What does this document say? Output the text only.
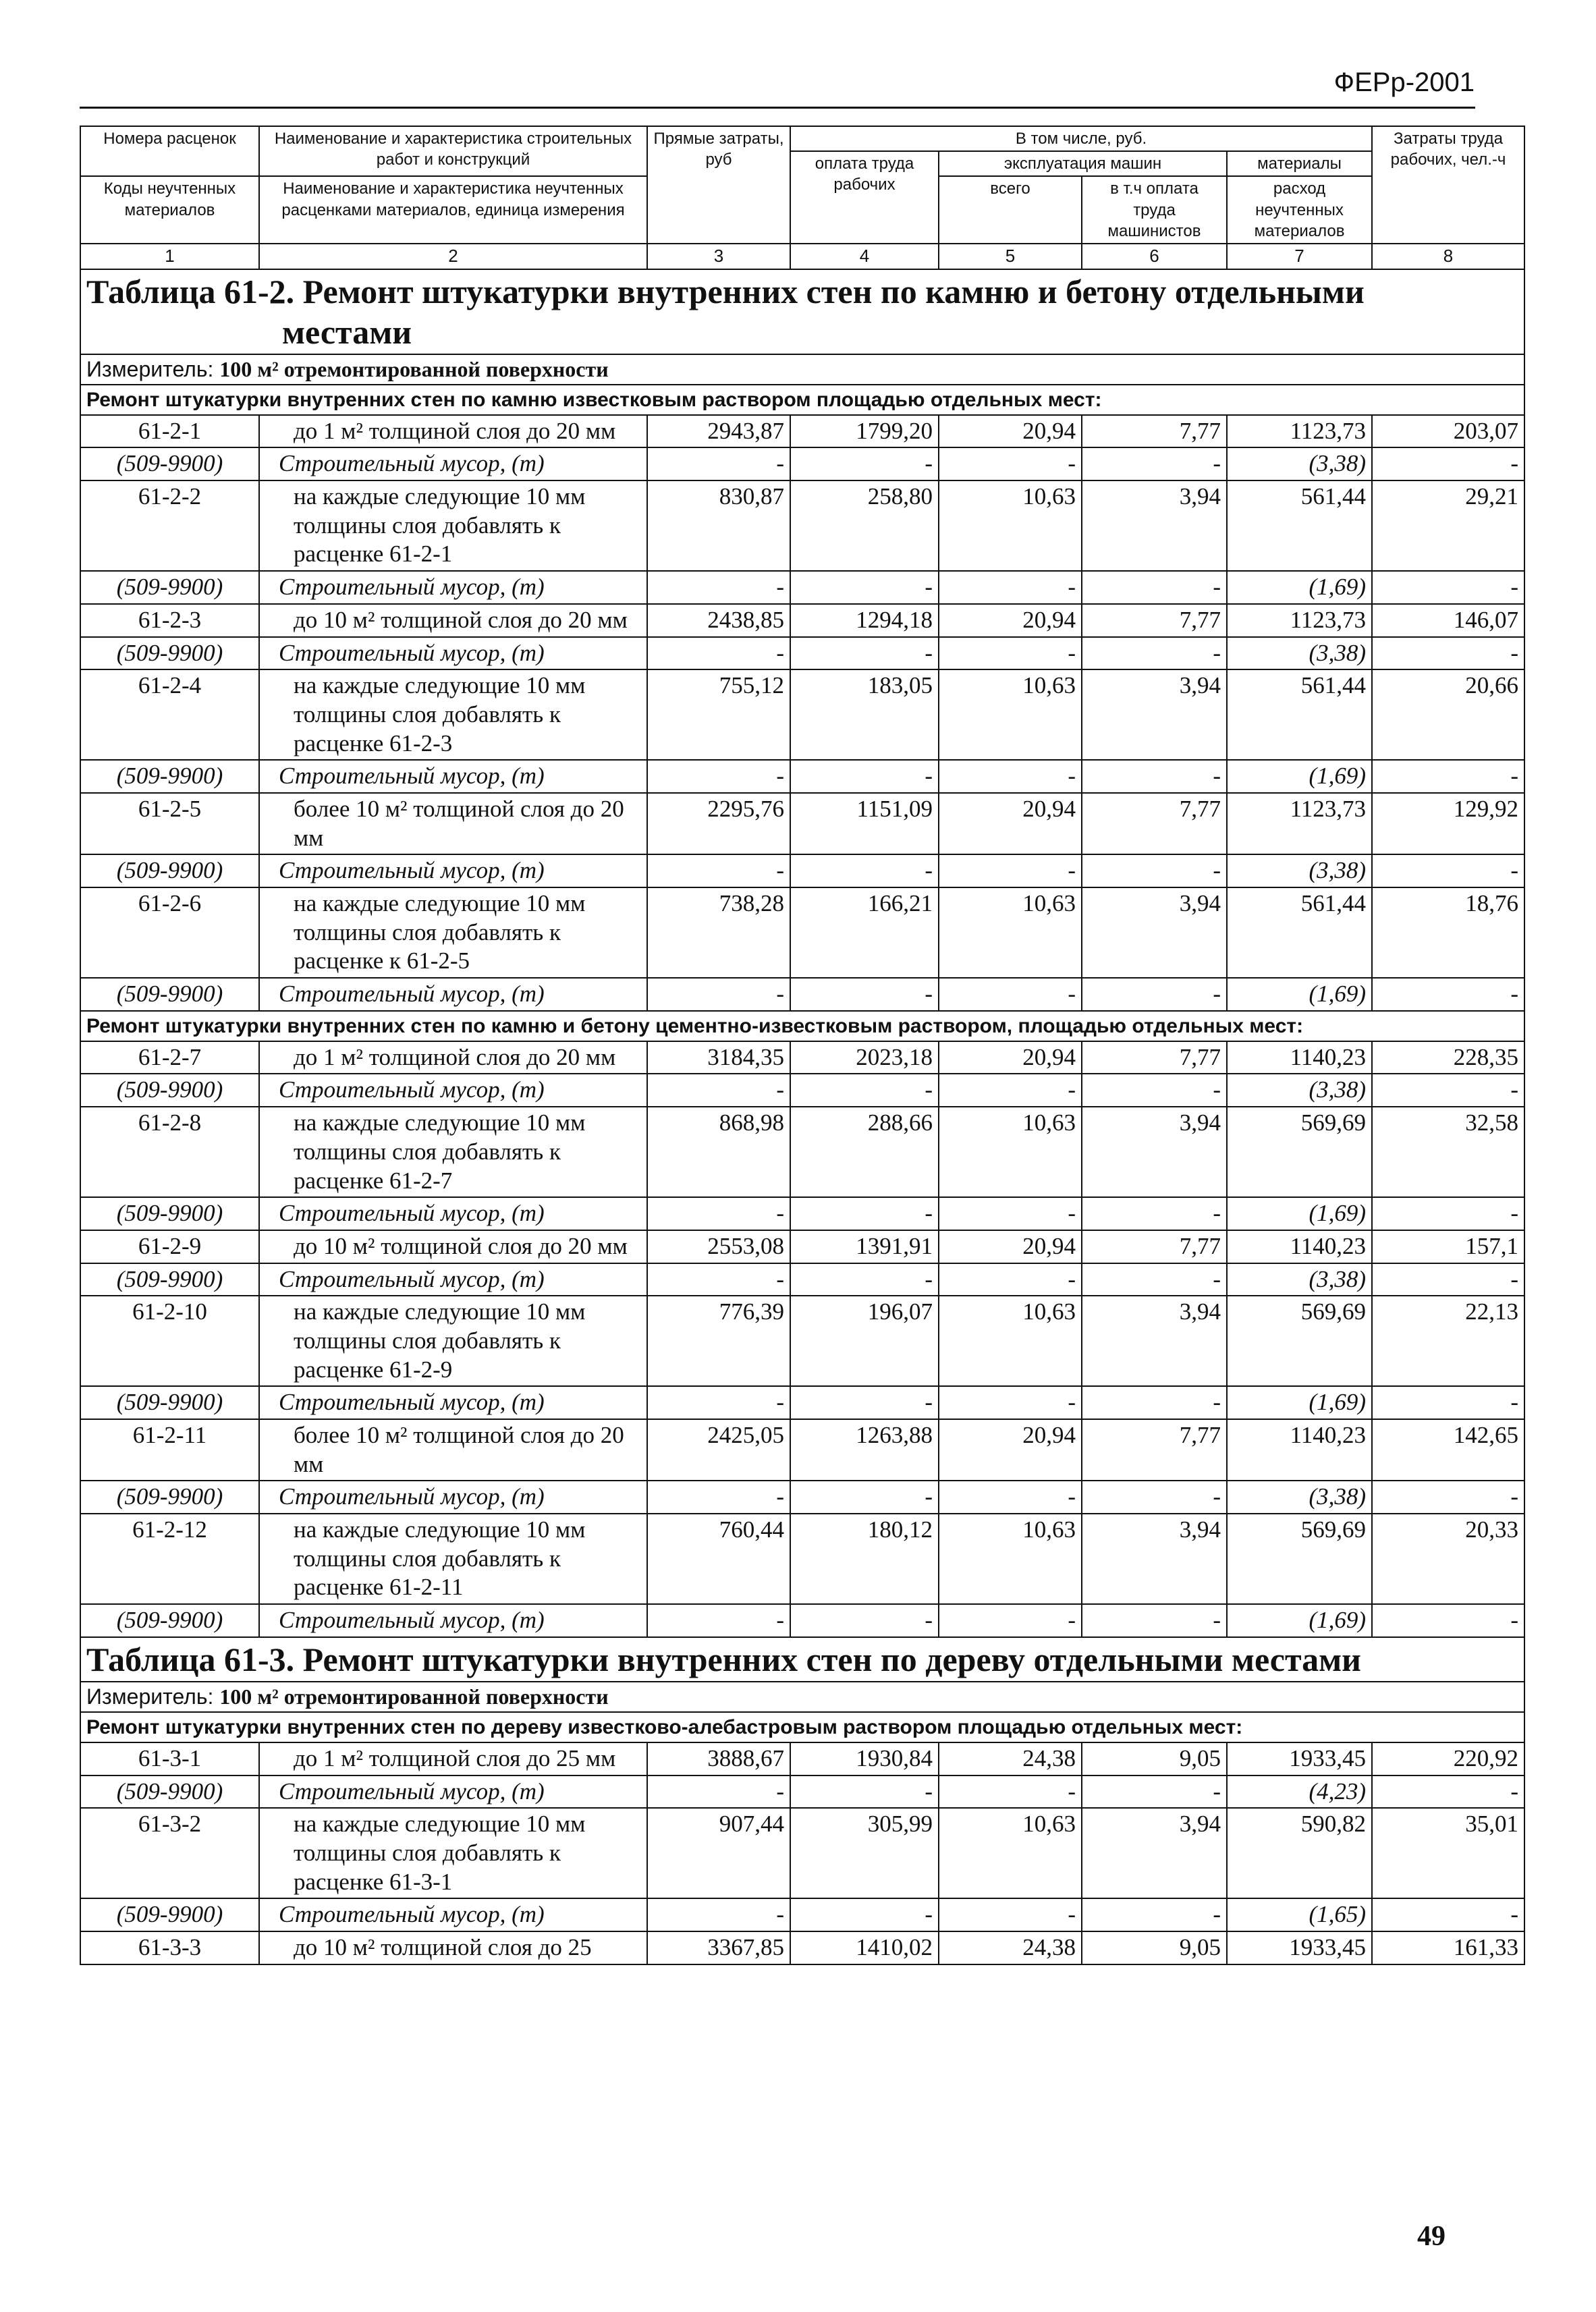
ФЕРр-2001
Номера расценок	Наименование и характеристика строительных работ и конструкций	Прямые затраты, руб	В том числе, руб.				Затраты труда рабочих, чел.-ч
			оплата труда рабочих	эксплуатация машин		материалы	
Коды неучтенных материалов	Наименование и характеристика неучтенных расценками материалов, единица измерения			всего	в т.ч оплата труда машинистов	расход неучтенных материалов	

1	2	3	4	5	6	7	8
Таблица 61-2. Ремонт штукатурки внутренних стен по камню и бетону отдельными
местами							

Измеритель: 100 м² отремонтированной поверхности							
Ремонт штукатурки внутренних стен по камню известковым раствором площадью отдельных мест:							
61-2-1	до 1 м² толщиной слоя до 20 мм	2943,87	1799,20	20,94	7,77	1123,73	203,07
(509-9900)	Строительный мусор, (т)	-	-	-	-	(3,38)	-
61-2-2	на каждые следующие 10 мм толщины слоя добавлять к расценке 61-2-1	830,87	258,80	10,63	3,94	561,44	29,21
(509-9900)	Строительный мусор, (т)	-	-	-	-	(1,69)	-
61-2-3	до 10 м² толщиной слоя до 20 мм	2438,85	1294,18	20,94	7,77	1123,73	146,07
(509-9900)	Строительный мусор, (т)	-	-	-	-	(3,38)	-
61-2-4	на каждые следующие 10 мм толщины слоя добавлять к расценке 61-2-3	755,12	183,05	10,63	3,94	561,44	20,66
(509-9900)	Строительный мусор, (т)	-	-	-	-	(1,69)	-
61-2-5	более 10 м² толщиной слоя до 20 мм	2295,76	1151,09	20,94	7,77	1123,73	129,92
(509-9900)	Строительный мусор, (т)	-	-	-	-	(3,38)	-
61-2-6	на каждые следующие 10 мм толщины слоя добавлять к расценке к 61-2-5	738,28	166,21	10,63	3,94	561,44	18,76
(509-9900)	Строительный мусор, (т)	-	-	-	-	(1,69)	-
Ремонт штукатурки внутренних стен по камню и бетону цементно-известковым раствором, площадью отдельных мест:							
61-2-7	до 1 м² толщиной слоя до 20 мм	3184,35	2023,18	20,94	7,77	1140,23	228,35
(509-9900)	Строительный мусор, (т)	-	-	-	-	(3,38)	-
61-2-8	на каждые следующие 10 мм толщины слоя добавлять к расценке 61-2-7	868,98	288,66	10,63	3,94	569,69	32,58
(509-9900)	Строительный мусор, (т)	-	-	-	-	(1,69)	-
61-2-9	до 10 м² толщиной слоя до 20 мм	2553,08	1391,91	20,94	7,77	1140,23	157,1
(509-9900)	Строительный мусор, (т)	-	-	-	-	(3,38)	-
61-2-10	на каждые следующие 10 мм толщины слоя добавлять к расценке 61-2-9	776,39	196,07	10,63	3,94	569,69	22,13
(509-9900)	Строительный мусор, (т)	-	-	-	-	(1,69)	-
61-2-11	более 10 м² толщиной слоя до 20 мм	2425,05	1263,88	20,94	7,77	1140,23	142,65
(509-9900)	Строительный мусор, (т)	-	-	-	-	(3,38)	-
61-2-12	на каждые следующие 10 мм толщины слоя добавлять к расценке 61-2-11	760,44	180,12	10,63	3,94	569,69	20,33
(509-9900)	Строительный мусор, (т)	-	-	-	-	(1,69)	-
Таблица 61-3. Ремонт штукатурки внутренних стен по дереву отдельными местами							
Измеритель: 100 м² отремонтированной поверхности							
Ремонт штукатурки внутренних стен по дереву известково-алебастровым раствором площадью отдельных мест:							
61-3-1	до 1 м² толщиной слоя до 25 мм	3888,67	1930,84	24,38	9,05	1933,45	220,92
(509-9900)	Строительный мусор, (т)	-	-	-	-	(4,23)	-
61-3-2	на каждые следующие 10 мм толщины слоя добавлять к расценке 61-3-1	907,44	305,99	10,63	3,94	590,82	35,01
(509-9900)	Строительный мусор, (т)	-	-	-	-	(1,65)	-
61-3-3	до 10 м² толщиной слоя до 25	3367,85	1410,02	24,38	9,05	1933,45	161,33
49
